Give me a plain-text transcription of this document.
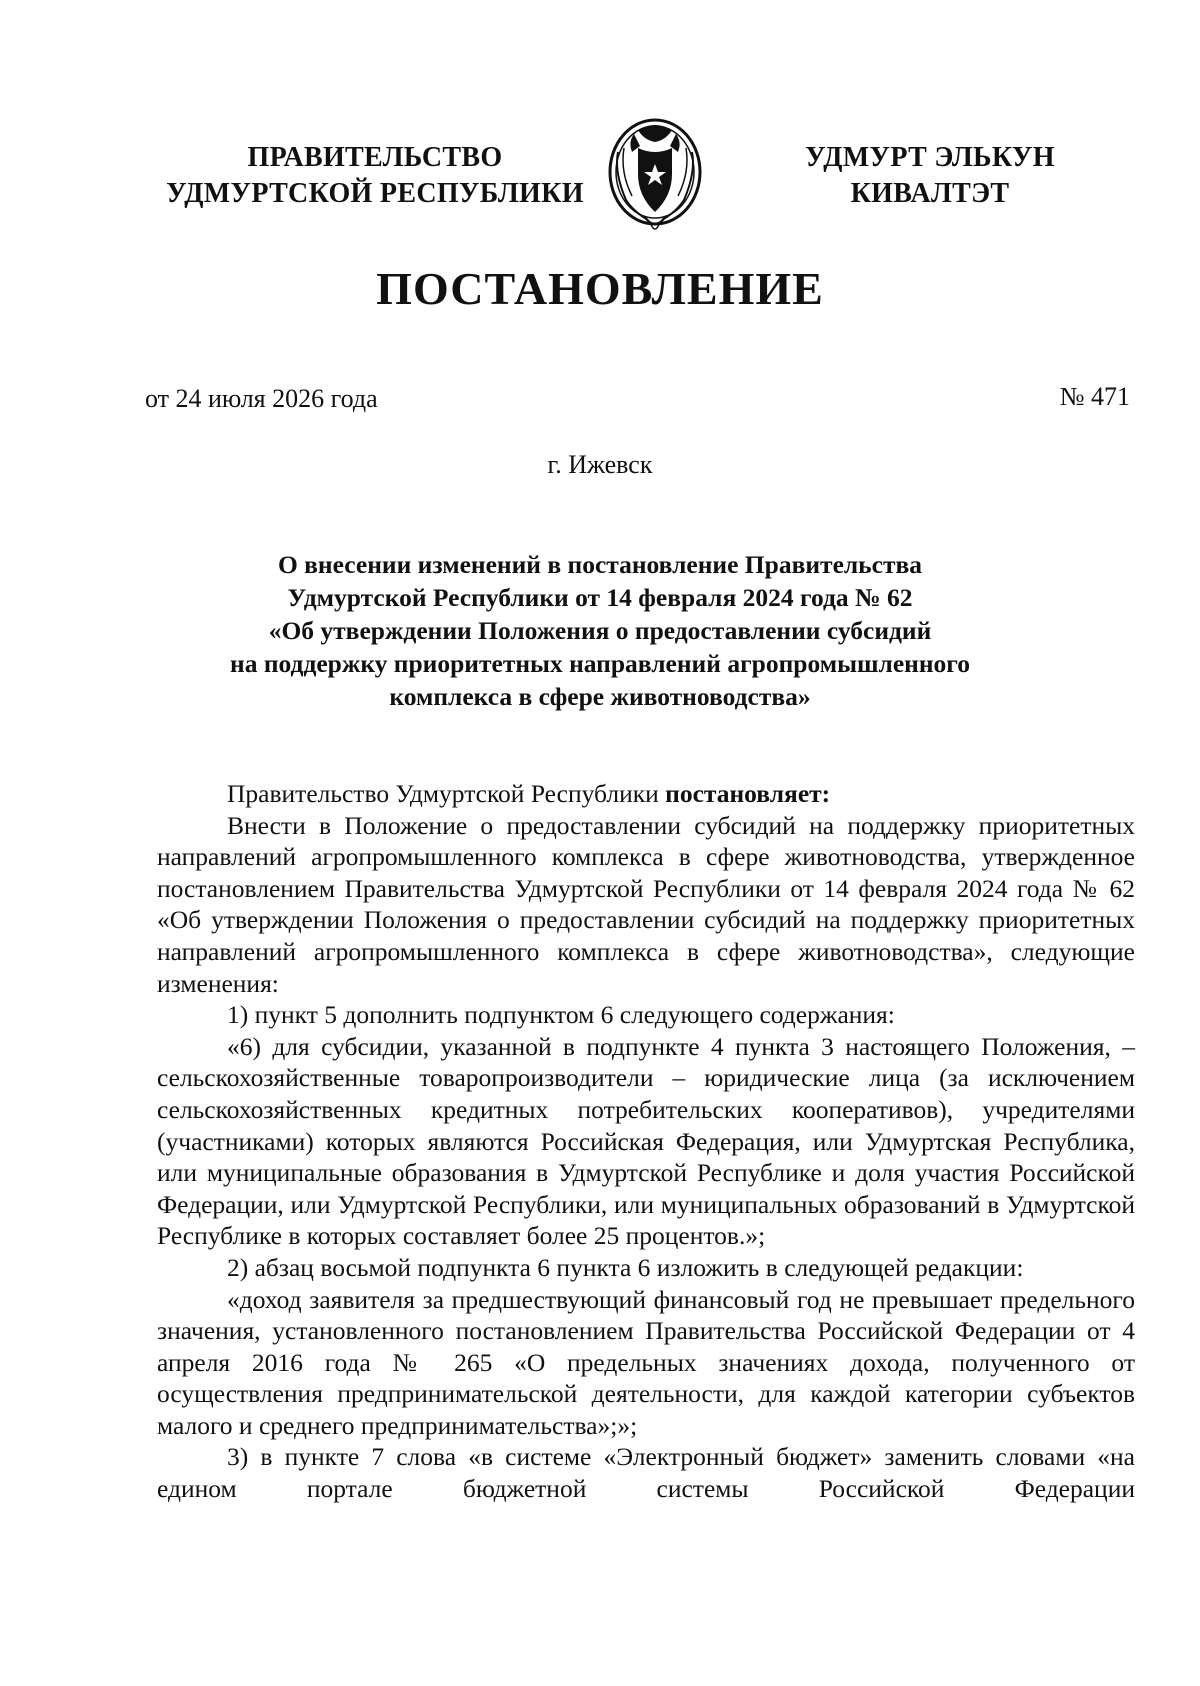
ПРАВИТЕЛЬСТВО
УДМУРТСКОЙ РЕСПУБЛИКИ
УДМУРТ ЭЛЬКУН
КИВАЛТЭТ
ПОСТАНОВЛЕНИЕ
от 24 июля 2026 года	№ 471
г. Ижевск
О внесении изменений в постановление Правительства
Удмуртской Республики от 14 февраля 2024 года № 62
«Об утверждении Положения о предоставлении субсидий
на поддержку приоритетных направлений агропромышленного
комплекса в сфере животноводства»

Правительство Удмуртской Республики постановляет:

Внести в Положение о предоставлении субсидий на поддержку приоритетных направлений агропромышленного комплекса в сфере животноводства, утвержденное постановлением Правительства Удмуртской Республики от 14 февраля 2024 года № 62 «Об утверждении Положения о предоставлении субсидий на поддержку приоритетных направлений агропромышленного комплекса в сфере животноводства», следующие изменения:

1) пункт 5 дополнить подпунктом 6 следующего содержания:

«6) для субсидии, указанной в подпункте 4 пункта 3 настоящего Положения, – сельскохозяйственные товаропроизводители – юридические лица (за исключением сельскохозяйственных кредитных потребительских кооперативов), учредителями (участниками) которых являются Российская Федерация, или Удмуртская Республика, или муниципальные образования в Удмуртской Республике и доля участия Российской Федерации, или Удмуртской Республики, или муниципальных образований в Удмуртской Республике в которых составляет более 25 процентов.»;

2) абзац восьмой подпункта 6 пункта 6 изложить в следующей редакции:

«доход заявителя за предшествующий финансовый год не превышает предельного значения, установленного постановлением Правительства Российской Федерации от 4 апреля 2016 года № 265 «О предельных значениях дохода, полученного от осуществления предпринимательской деятельности, для каждой категории субъектов малого и среднего предпринимательства»;»;

3) в пункте 7 слова «в системе «Электронный бюджет» заменить словами «на едином портале бюджетной системы Российской Федерации
